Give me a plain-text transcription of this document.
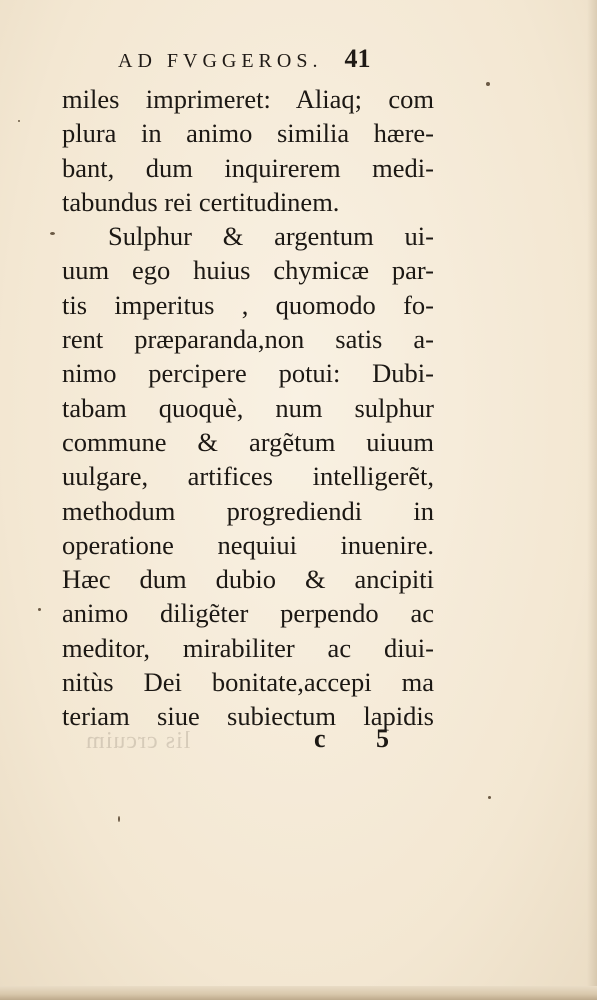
AD FVGGEROS. 41
miles imprimeret: Aliaq; com
plura in animo similia hære-
bant, dum inquirerem medi-
tabundus rei certitudinem.
Sulphur & argentum ui-
uum ego huius chymicæ par-
tis imperitus , quomodo fo-
rent præparanda,non satis a-
nimo percipere potui: Dubi-
tabam quoquè, num sulphur
commune & argẽtum uiuum
uulgare, artifices intelligerẽt,
methodum progrediendi in
operatione nequiui inuenire.
Hæc dum dubio & ancipiti
animo diligẽter perpendo ac
meditor, mirabiliter ac diui-
nitùs Dei bonitate,accepi ma
teriam siue subiectum lapidis
lis crcuim	c 5
